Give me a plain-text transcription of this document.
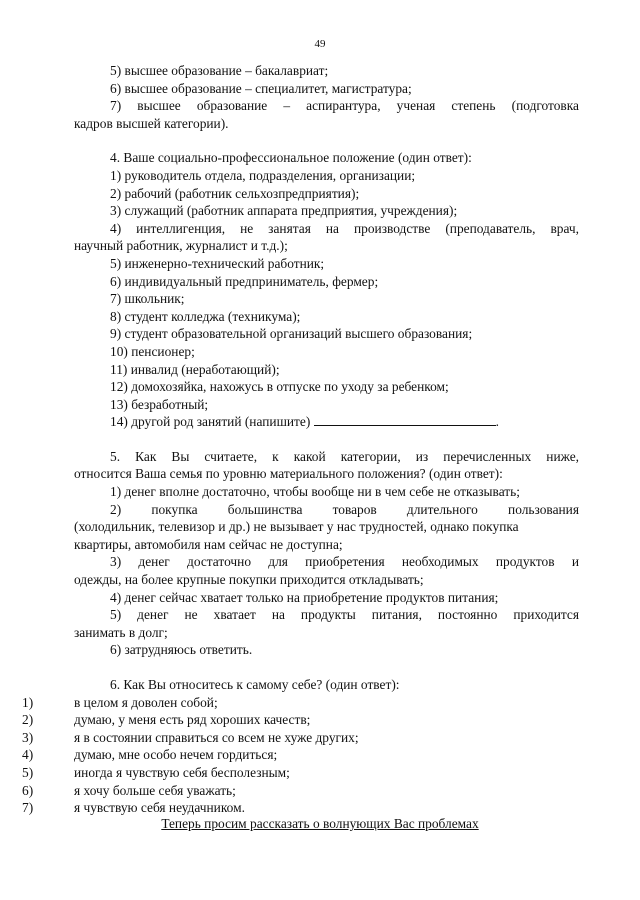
49
5) высшее образование – бакалавриат;
6) высшее образование – специалитет, магистратура;
7) высшее образование – аспирантура, ученая степень (подготовка
кадров высшей категории).
4. Ваше социально-профессиональное положение (один ответ):
1) руководитель отдела, подразделения, организации;
2) рабочий (работник сельхозпредприятия);
3) служащий (работник аппарата предприятия, учреждения);
4) интеллигенция, не занятая на производстве (преподаватель, врач,
научный работник, журналист и т.д.);
5) инженерно-технический работник;
6) индивидуальный предприниматель, фермер;
7) школьник;
8) студент колледжа (техникума);
9) студент образовательной организаций высшего образования;
10) пенсионер;
11) инвалид (неработающий);
12) домохозяйка, нахожусь в отпуске по уходу за ребенком;
13) безработный;
14) другой род занятий (напишите)	.
5. Как Вы считаете, к какой категории, из перечисленных ниже,
относится Ваша семья по уровню материального положения? (один ответ):
1) денег вполне достаточно, чтобы вообще ни в чем себе не отказывать;
2) покупка большинства товаров длительного пользования
(холодильник, телевизор и др.) не вызывает у нас трудностей, однако покупка
квартиры, автомобиля нам сейчас не доступна;
3) денег достаточно для приобретения необходимых продуктов и
одежды, на более крупные покупки приходится откладывать;
4) денег сейчас хватает только на приобретение продуктов питания;
5) денег не хватает на продукты питания, постоянно приходится
занимать в долг;
6) затрудняюсь ответить.
6. Как Вы относитесь к самому себе? (один ответ):
1)	в целом я доволен собой;
2)	думаю, у меня есть ряд хороших качеств;
3)	я в состоянии справиться со всем не хуже других;
4)	думаю, мне особо нечем гордиться;
5)	иногда я чувствую себя бесполезным;
6)	я хочу больше себя уважать;
7)	я чувствую себя неудачником.
Теперь просим рассказать о волнующих Вас проблемах
